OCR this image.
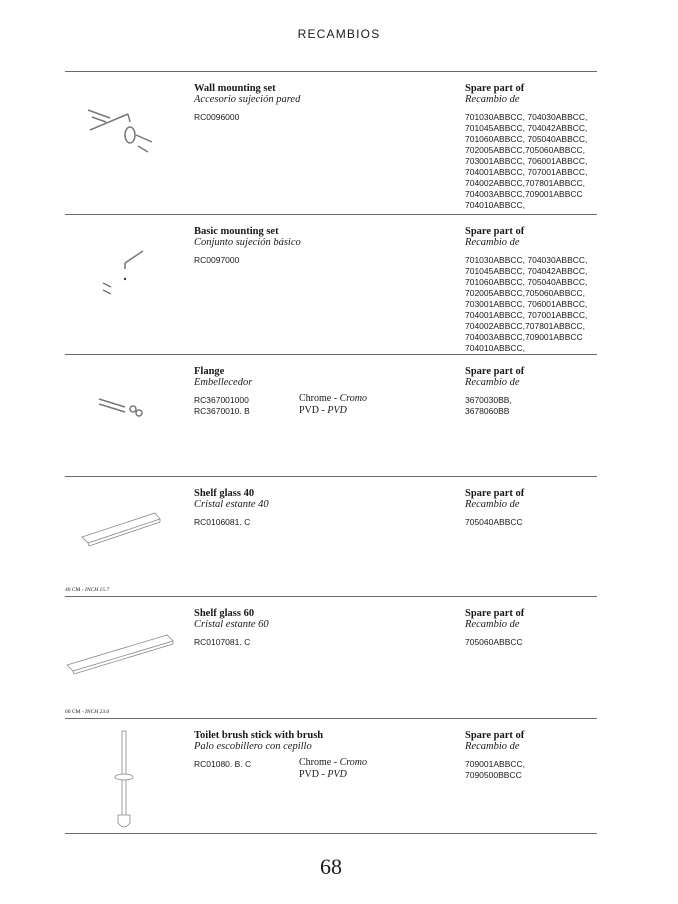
RECAMBIOS
Wall mounting set
Accesorio sujeción pared
RC0096000
Spare part of
Recambio de
701030ABBCC, 704030ABBCC,
701045ABBCC, 704042ABBCC,
701060ABBCC, 705040ABBCC,
702005ABBCC,705060ABBCC,
703001ABBCC, 706001ABBCC,
704001ABBCC, 707001ABBCC,
704002ABBCC,707801ABBCC,
704003ABBCC,709001ABBCC
704010ABBCC,
Basic mounting set
Conjunto sujeción básico
RC0097000
Spare part of
Recambio de
701030ABBCC, 704030ABBCC,
701045ABBCC, 704042ABBCC,
701060ABBCC, 705040ABBCC,
702005ABBCC,705060ABBCC,
703001ABBCC, 706001ABBCC,
704001ABBCC, 707001ABBCC,
704002ABBCC,707801ABBCC,
704003ABBCC,709001ABBCC
704010ABBCC,
Flange
Embellecedor
RC367001000
RC3670010. B
Chrome - Cromo
PVD - PVD
Spare part of
Recambio de
3670030BB,
3678060BB
40 CM - INCH 15.7
Shelf glass 40
Cristal estante 40
RC0106081. C
Spare part of
Recambio de
705040ABBCC
60 CM - INCH 23.6
Shelf glass 60
Cristal estante 60
RC0107081. C
Spare part of
Recambio de
705060ABBCC
Toilet brush stick with brush
Palo escobillero con cepillo
RC01080. B. C	Chrome - Cromo
PVD - PVD
Spare part of
Recambio de
709001ABBCC,
7090500BBCC
68
